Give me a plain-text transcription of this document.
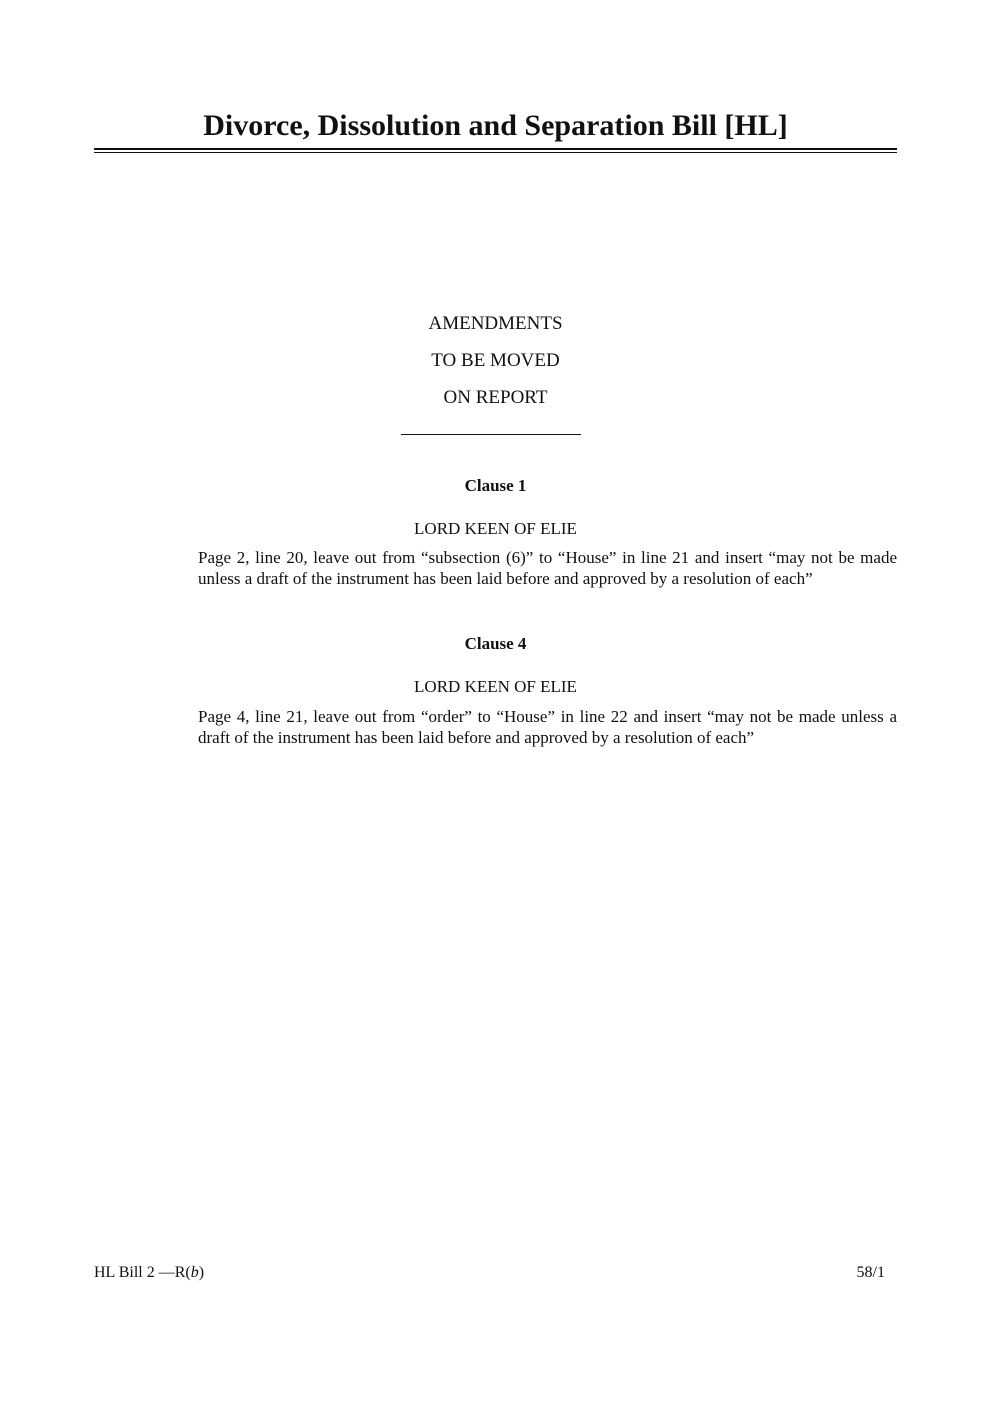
Divorce, Dissolution and Separation Bill [HL]
AMENDMENTS
TO BE MOVED
ON REPORT
Clause 1
LORD KEEN OF ELIE

Page 2, line 20, leave out from “subsection (6)” to “House” in line 21 and insert “may not be made unless a draft of the instrument has been laid before and approved by a resolution of each”

Clause 4
LORD KEEN OF ELIE

Page 4, line 21, leave out from “order” to “House” in line 22 and insert “may not be made unless a draft of the instrument has been laid before and approved by a resolution of each”

HL Bill 2 —R(b)	58/1
